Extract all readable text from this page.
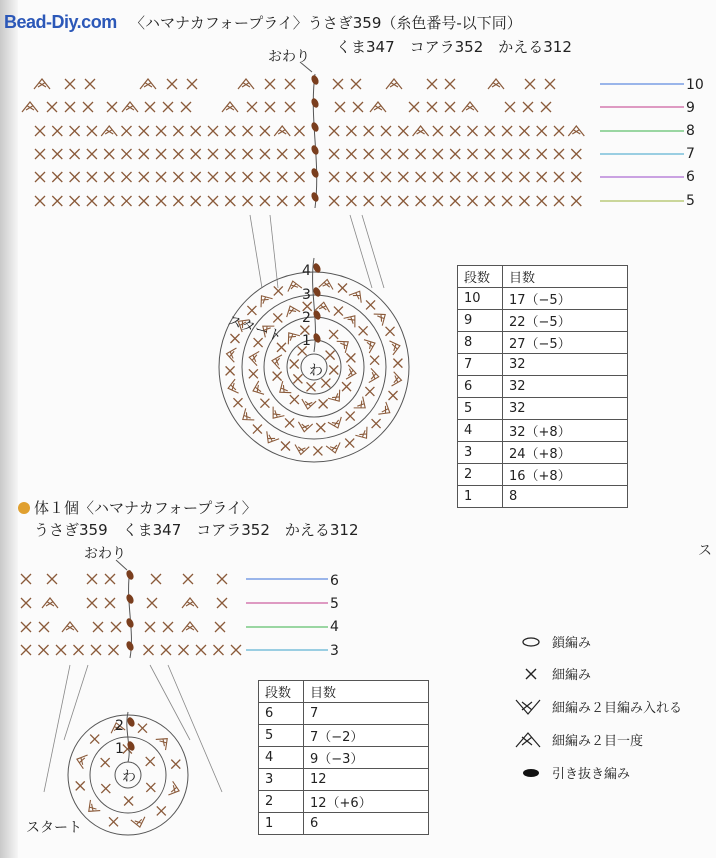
Bead-Diy.com 〈ハマナカフォープライ〉うさぎ359（糸色番号-以下同）
くま347　コアラ352　かえる312
おわり
スタート
わ
4
3
2
1
10
9
8
7
6
5
段数	目数
10	17（−5）
9	22（−5）
8	27（−5）
7	32
6	32
5	32
4	32（+8）
3	24（+8）
2	16（+8）
1	8
体１個〈ハマナカフォープライ〉
うさぎ359　くま347　コアラ352　かえる312
おわり	ス
6
5
4
3
スタート
わ
2
1
段数	目数
6	7
5	7（−2）
4	9（−3）
3	12
2	12（+6）
1	6
鎖編み
細編み
細編み２目編み入れる
細編み２目一度
引き抜き編み
